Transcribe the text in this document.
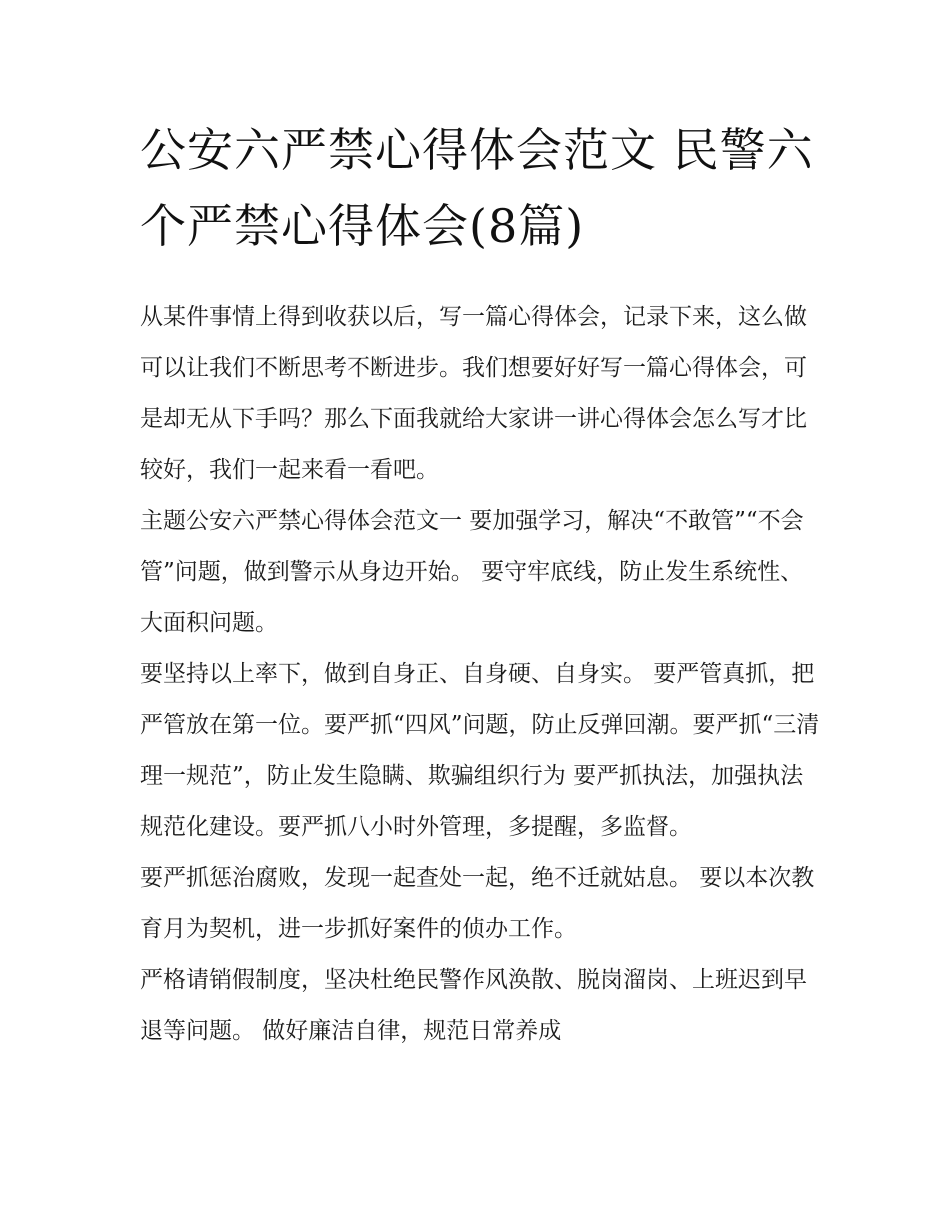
公安六严禁心得体会范文 民警六个严禁心得体会(8篇)

从某件事情上得到收获以后，写一篇心得体会，记录下来，这么做可以让我们不断思考不断进步。我们想要好好写一篇心得体会，可是却无从下手吗？那么下面我就给大家讲一讲心得体会怎么写才比较好，我们一起来看一看吧。

主题公安六严禁心得体会范文一 要加强学习，解决“不敢管”“不会管”问题，做到警示从身边开始。 要守牢底线，防止发生系统性、大面积问题。

要坚持以上率下，做到自身正、自身硬、自身实。 要严管真抓，把严管放在第一位。要严抓“四风”问题，防止反弹回潮。要严抓“三清理一规范”，防止发生隐瞒、欺骗组织行为 要严抓执法，加强执法规范化建设。要严抓八小时外管理，多提醒，多监督。

要严抓惩治腐败，发现一起查处一起，绝不迁就姑息。 要以本次教育月为契机，进一步抓好案件的侦办工作。

严格请销假制度，坚决杜绝民警作风涣散、脱岗溜岗、上班迟到早退等问题。 做好廉洁自律，规范日常养成
